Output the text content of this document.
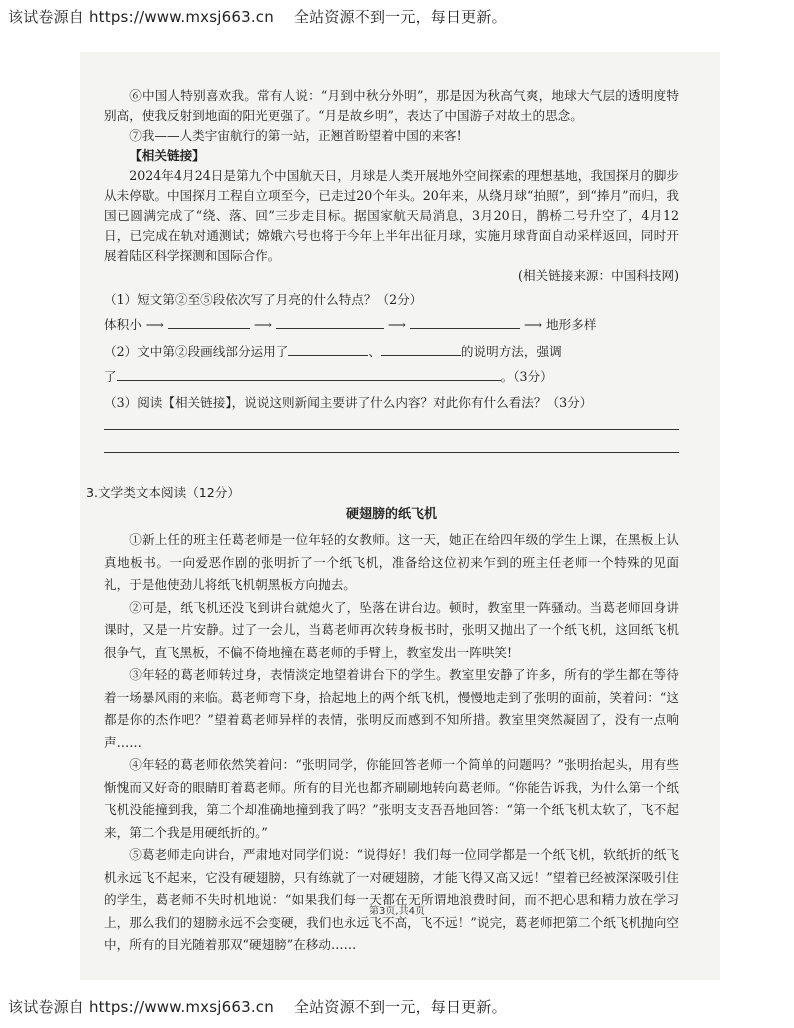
该试卷源自 https://www.mxsj663.cn 全站资源不到一元，每日更新。

⑥中国人特别喜欢我。常有人说：“月到中秋分外明”，那是因为秋高气爽，地球大气层的透明度特别高，使我反射到地面的阳光更强了。“月是故乡明”，表达了中国游子对故土的思念。

⑦我——人类宇宙航行的第一站，正翘首盼望着中国的来客!

【相关链接】

2024年4月24日是第九个中国航天日，月球是人类开展地外空间探索的理想基地，我国探月的脚步从未停歇。中国探月工程自立项至今，已走过20个年头。20年来，从绕月球“拍照”，到“捧月”而归，我国已圆满完成了“绕、落、回”三步走目标。据国家航天局消息，3月20日，鹊桥二号升空了，4月12日，已完成在轨对通测试；嫦娥六号也将于今年上半年出征月球，实施月球背面自动采样返回，同时开展着陆区科学探测和国际合作。

(相关链接来源：中国科技网)

（1）短文第②至⑤段依次写了月亮的什么特点？（2分）

体积小 ⟶	⟶	⟶	⟶ 地形多样

（2）文中第②段画线部分运用了	、	的说明方法，强调

了	。（3分）

（3）阅读【相关链接】，说说这则新闻主要讲了什么内容？对此你有什么看法？（3分）

3.文学类文本阅读（12分）

硬翅膀的纸飞机

①新上任的班主任葛老师是一位年轻的女教师。这一天，她正在给四年级的学生上课，在黑板上认真地板书。一向爱恶作剧的张明折了一个纸飞机，准备给这位初来乍到的班主任老师一个特殊的见面礼，于是他使劲儿将纸飞机朝黑板方向抛去。

②可是，纸飞机还没飞到讲台就熄火了，坠落在讲台边。顿时，教室里一阵骚动。当葛老师回身讲课时，又是一片安静。过了一会儿，当葛老师再次转身板书时，张明又抛出了一个纸飞机，这回纸飞机很争气，直飞黑板，不偏不倚地撞在葛老师的手臂上，教室发出一阵哄笑!

③年轻的葛老师转过身，表情淡定地望着讲台下的学生。教室里安静了许多，所有的学生都在等待着一场暴风雨的来临。葛老师弯下身，拾起地上的两个纸飞机，慢慢地走到了张明的面前，笑着问：“这都是你的杰作吧？”望着葛老师异样的表情，张明反而感到不知所措。教室里突然凝固了，没有一点响声……

④年轻的葛老师依然笑着问：“张明同学，你能回答老师一个简单的问题吗？”张明抬起头，用有些惭愧而又好奇的眼睛盯着葛老师。所有的目光也都齐刷刷地转向葛老师。“你能告诉我，为什么第一个纸飞机没能撞到我，第二个却准确地撞到我了吗？”张明支支吾吾地回答：“第一个纸飞机太软了，飞不起来，第二个我是用硬纸折的。”

⑤葛老师走向讲台，严肃地对同学们说：“说得好！我们每一位同学都是一个纸飞机，软纸折的纸飞机永远飞不起来，它没有硬翅膀，只有练就了一对硬翅膀，才能飞得又高又远！”望着已经被深深吸引住的学生，葛老师不失时机地说：“如果我们每一天都在无所谓地浪费时间，而不把心思和精力放在学习上，那么我们的翅膀永远不会变硬，我们也永远飞不高，飞不远！”说完，葛老师把第二个纸飞机抛向空中，所有的目光随着那双“硬翅膀”在移动……

第3页,共4页
该试卷源自 https://www.mxsj663.cn 全站资源不到一元，每日更新。
